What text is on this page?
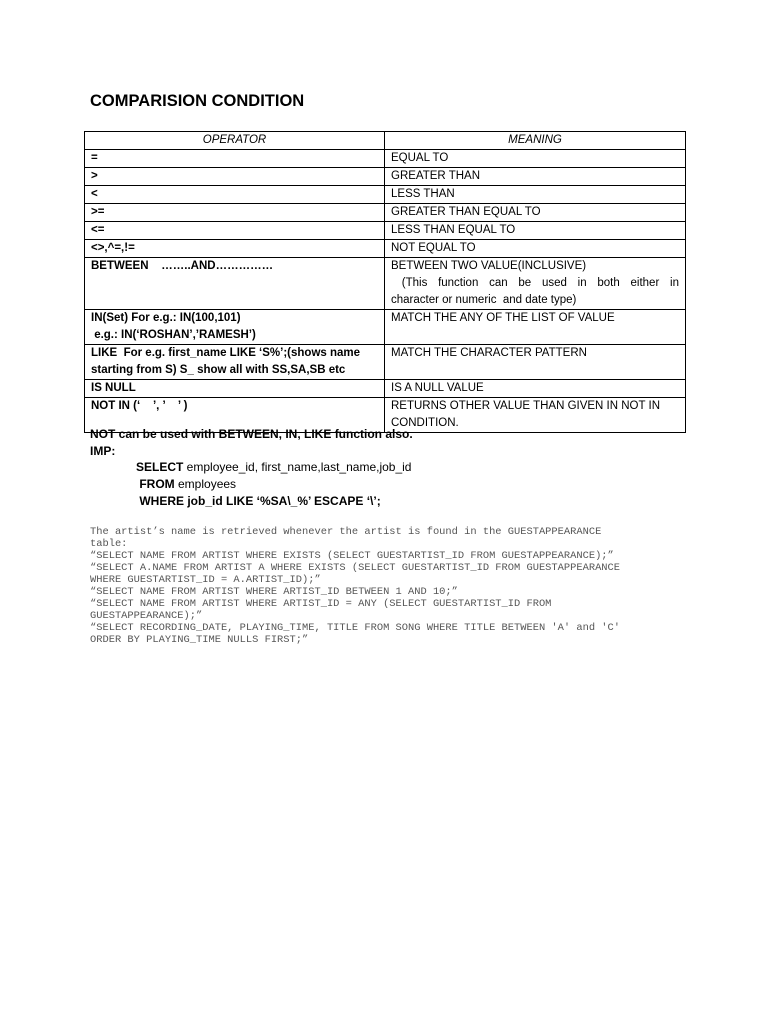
COMPARISION CONDITION
OPERATOR	MEANING

=	EQUAL TO

>	GREATER THAN

<	LESS THAN

>=	GREATER THAN EQUAL TO

<=	LESS THAN EQUAL TO

<>,^=,!=	NOT EQUAL TO

BETWEEN    ……..AND……………	BETWEEN TWO VALUE(INCLUSIVE)
(This function can be used in both either in
character or numeric  and date type)

IN(Set) For e.g.: IN(100,101)
e.g.: IN(‘ROSHAN’,’RAMESH’)	MATCH THE ANY OF THE LIST OF VALUE

LIKE  For e.g. first_name LIKE ‘S%’;(shows name
starting from S) S_ show all with SS,SA,SB etc	MATCH THE CHARACTER PATTERN

IS NULL	IS A NULL VALUE

NOT IN (‘    ’, ’    ’ )	RETURNS OTHER VALUE THAN GIVEN IN NOT IN
CONDITION.
NOT can be used with BETWEEN, IN, LIKE function also.
IMP:
SELECT employee_id, first_name,last_name,job_id
FROM employees
WHERE job_id LIKE ‘%SA\_%’ ESCAPE ‘\’;
The artist’s name is retrieved whenever the artist is found in the GUESTAPPEARANCE
table:
“SELECT NAME FROM ARTIST WHERE EXISTS (SELECT GUESTARTIST_ID FROM GUESTAPPEARANCE);”
“SELECT A.NAME FROM ARTIST A WHERE EXISTS (SELECT GUESTARTIST_ID FROM GUESTAPPEARANCE
WHERE GUESTARTIST_ID = A.ARTIST_ID);”
“SELECT NAME FROM ARTIST WHERE ARTIST_ID BETWEEN 1 AND 10;”
“SELECT NAME FROM ARTIST WHERE ARTIST_ID = ANY (SELECT GUESTARTIST_ID FROM
GUESTAPPEARANCE);”
“SELECT RECORDING_DATE, PLAYING_TIME, TITLE FROM SONG WHERE TITLE BETWEEN 'A' and 'C'
ORDER BY PLAYING_TIME NULLS FIRST;”
